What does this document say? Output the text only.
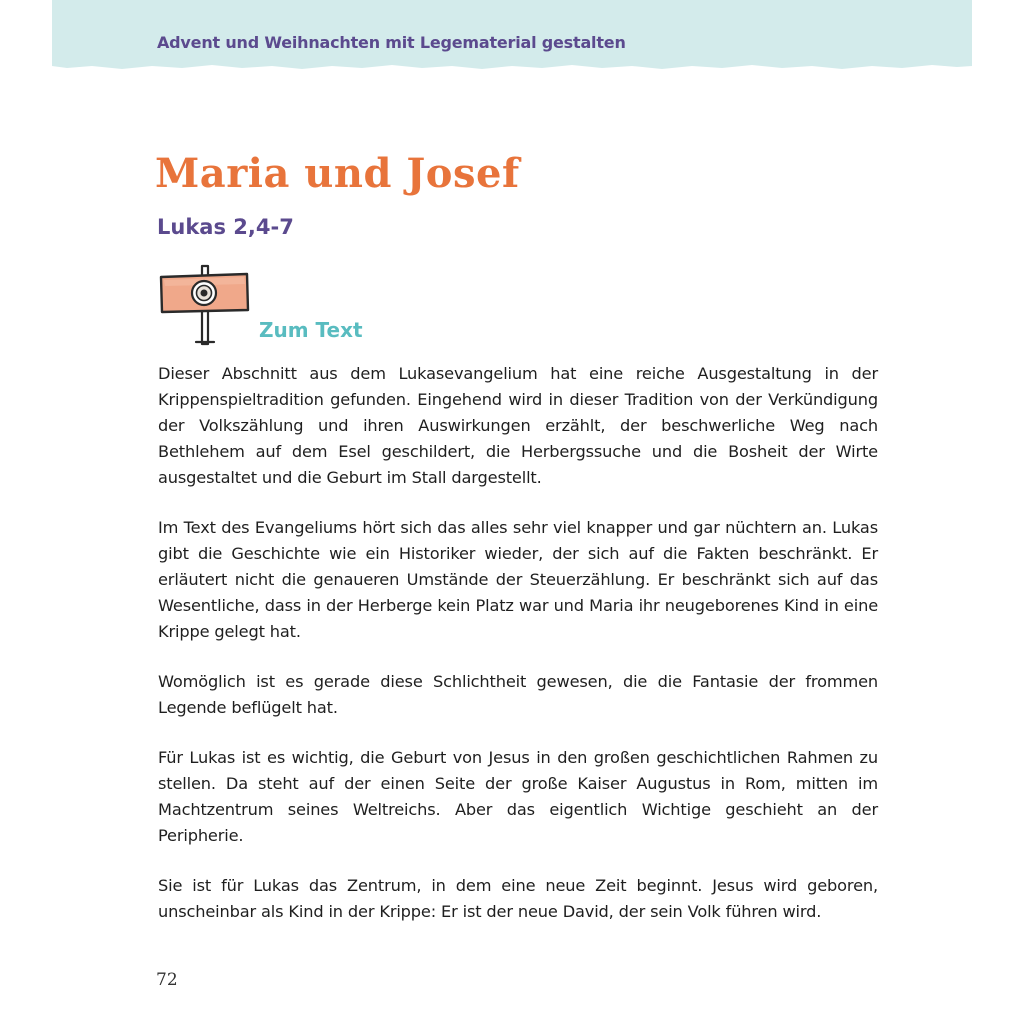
Advent und Weihnachten mit Legematerial gestalten
Maria und Josef
Lukas 2,4-7
Zum Text

Dieser Abschnitt aus dem Lukasevangelium hat eine reiche Ausgestaltung in der Krippenspieltradition gefunden. Eingehend wird in dieser Tradition von der Verkündigung der Volkszählung und ihren Auswirkungen erzählt, der beschwerliche Weg nach Bethlehem auf dem Esel geschildert, die Herbergssuche und die Bosheit der Wirte ausgestaltet und die Geburt im Stall dargestellt.

Im Text des Evangeliums hört sich das alles sehr viel knapper und gar nüchtern an. Lukas gibt die Geschichte wie ein Historiker wieder, der sich auf die Fakten beschränkt. Er erläutert nicht die genaueren Umstände der Steuerzählung. Er beschränkt sich auf das Wesentliche, dass in der Herberge kein Platz war und Maria ihr neugeborenes Kind in eine Krippe gelegt hat.

Womöglich ist es gerade diese Schlichtheit gewesen, die die Fantasie der frommen Legende beflügelt hat.

Für Lukas ist es wichtig, die Geburt von Jesus in den großen geschichtlichen Rahmen zu stellen. Da steht auf der einen Seite der große Kaiser Augustus in Rom, mitten im Machtzentrum seines Weltreichs. Aber das eigentlich Wichtige geschieht an der Peripherie.

Sie ist für Lukas das Zentrum, in dem eine neue Zeit beginnt. Jesus wird geboren, unscheinbar als Kind in der Krippe: Er ist der neue David, der sein Volk führen wird.

72
